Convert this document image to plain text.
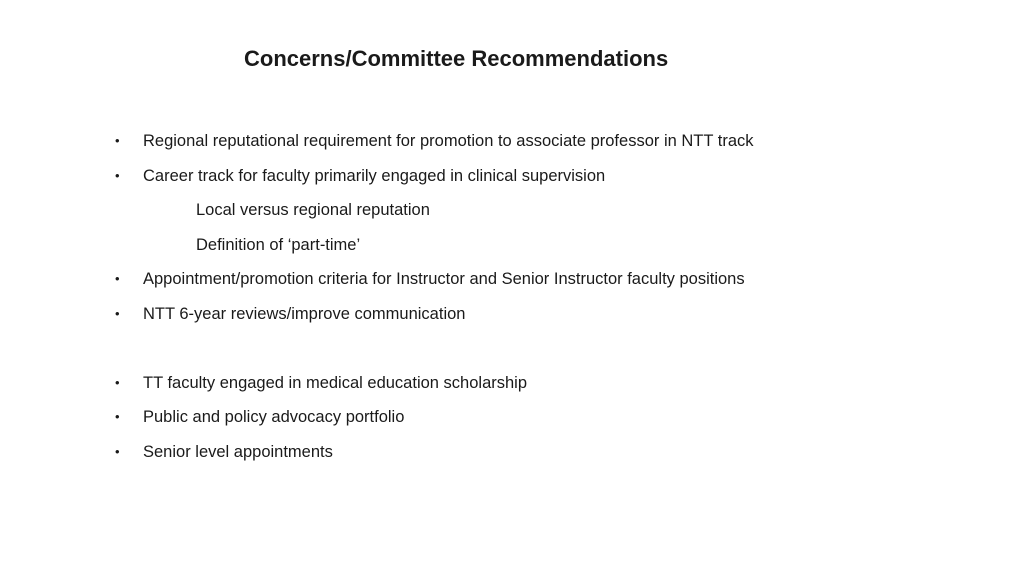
Concerns/Committee Recommendations
•	Regional reputational requirement for promotion to associate professor in NTT track
•	Career track for faculty primarily engaged in clinical supervision
Local versus regional reputation
Definition of ‘part-time’
•	Appointment/promotion criteria for Instructor and Senior Instructor faculty positions
•	NTT 6-year reviews/improve communication
•	TT faculty engaged in medical education scholarship
•	Public and policy advocacy portfolio
•	Senior level appointments
